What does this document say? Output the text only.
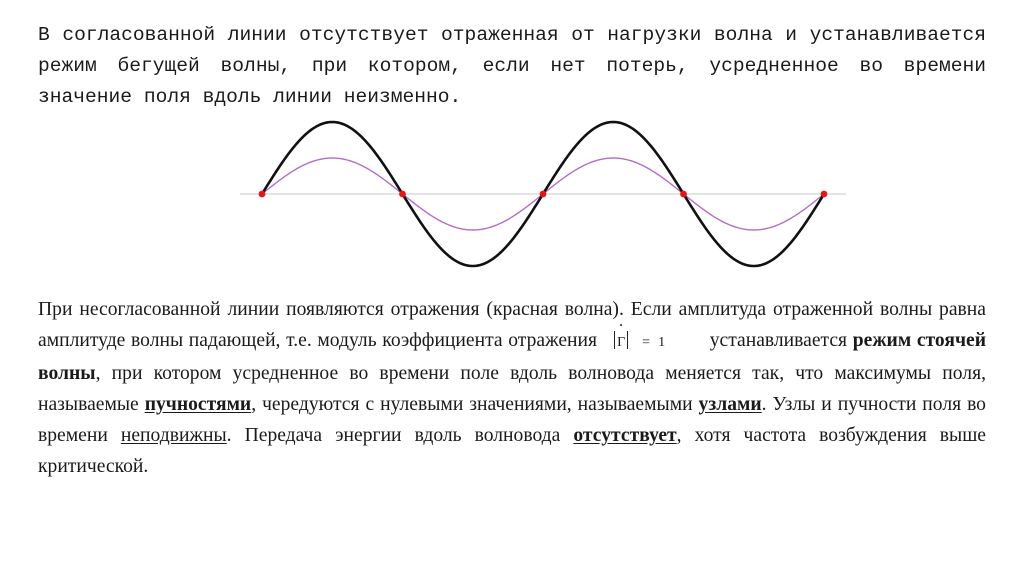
В согласованной линии отсутствует отраженная от нагрузки волна и устанавливается режим бегущей волны, при котором, если нет потерь, усредненное во времени значение поля вдоль линии неизменно.

При несогласованной линии появляются отражения (красная волна). Если амплитуда отраженной волны равна амплитуде волны падающей, т.е. модуль коэффициента отражения Γ = 1 устанавливается режим стоячей волны, при котором усредненное во времени поле вдоль волновода меняется так, что максимумы поля, называемые пучностями, чередуются с нулевыми значениями, называемыми узлами. Узлы и пучности поля во времени неподвижны. Передача энергии вдоль волновода отсутствует, хотя частота возбуждения выше критической.
